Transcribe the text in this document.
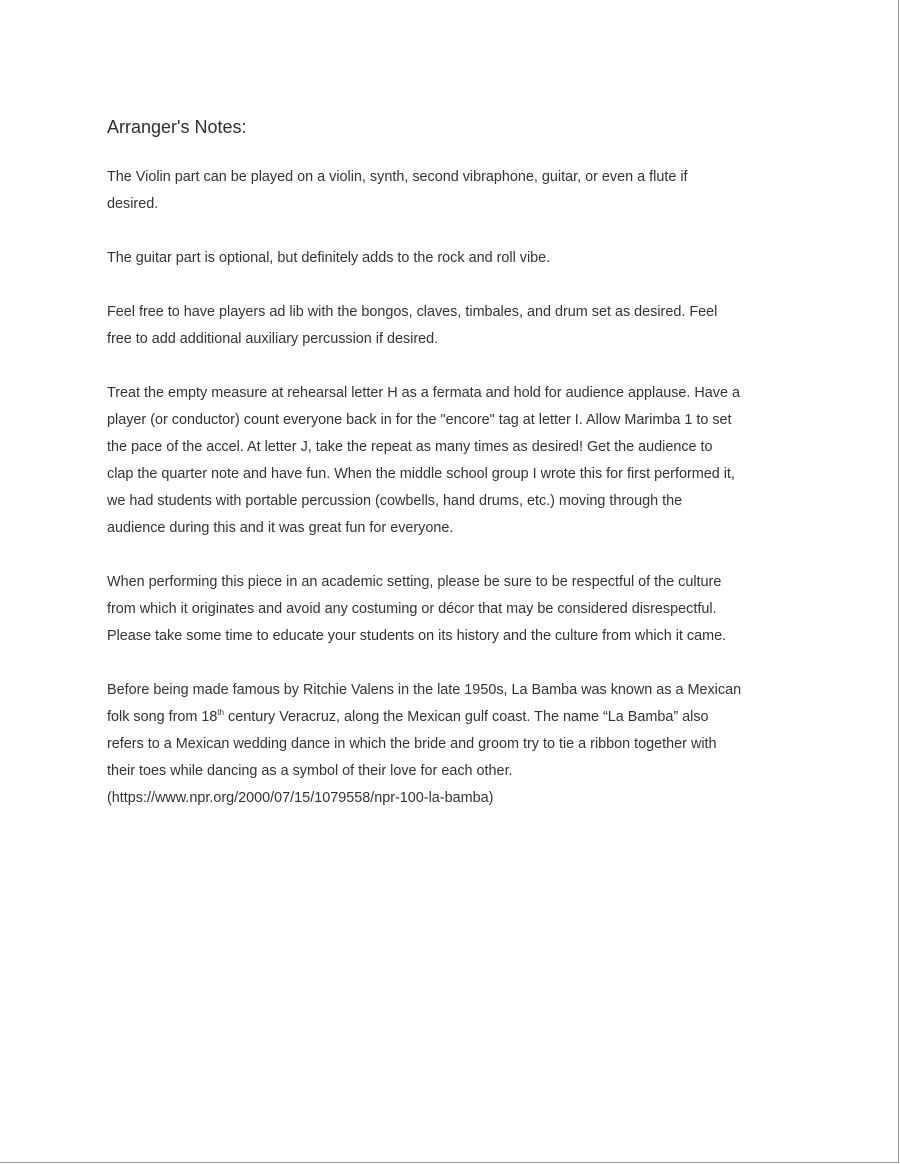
Arranger's Notes:

The Violin part can be played on a violin, synth, second vibraphone, guitar, or even a flute if
desired.

The guitar part is optional, but definitely adds to the rock and roll vibe.

Feel free to have players ad lib with the bongos, claves, timbales, and drum set as desired. Feel
free to add additional auxiliary percussion if desired.

Treat the empty measure at rehearsal letter H as a fermata and hold for audience applause. Have a
player (or conductor) count everyone back in for the "encore" tag at letter I. Allow Marimba 1 to set
the pace of the accel. At letter J, take the repeat as many times as desired! Get the audience to
clap the quarter note and have fun. When the middle school group I wrote this for first performed it,
we had students with portable percussion (cowbells, hand drums, etc.) moving through the
audience during this and it was great fun for everyone.

When performing this piece in an academic setting, please be sure to be respectful of the culture
from which it originates and avoid any costuming or décor that may be considered disrespectful.
Please take some time to educate your students on its history and the culture from which it came.

Before being made famous by Ritchie Valens in the late 1950s, La Bamba was known as a Mexican
folk song from 18th century Veracruz, along the Mexican gulf coast. The name “La Bamba” also
refers to a Mexican wedding dance in which the bride and groom try to tie a ribbon together with
their toes while dancing as a symbol of their love for each other.
(https://www.npr.org/2000/07/15/1079558/npr-100-la-bamba)
